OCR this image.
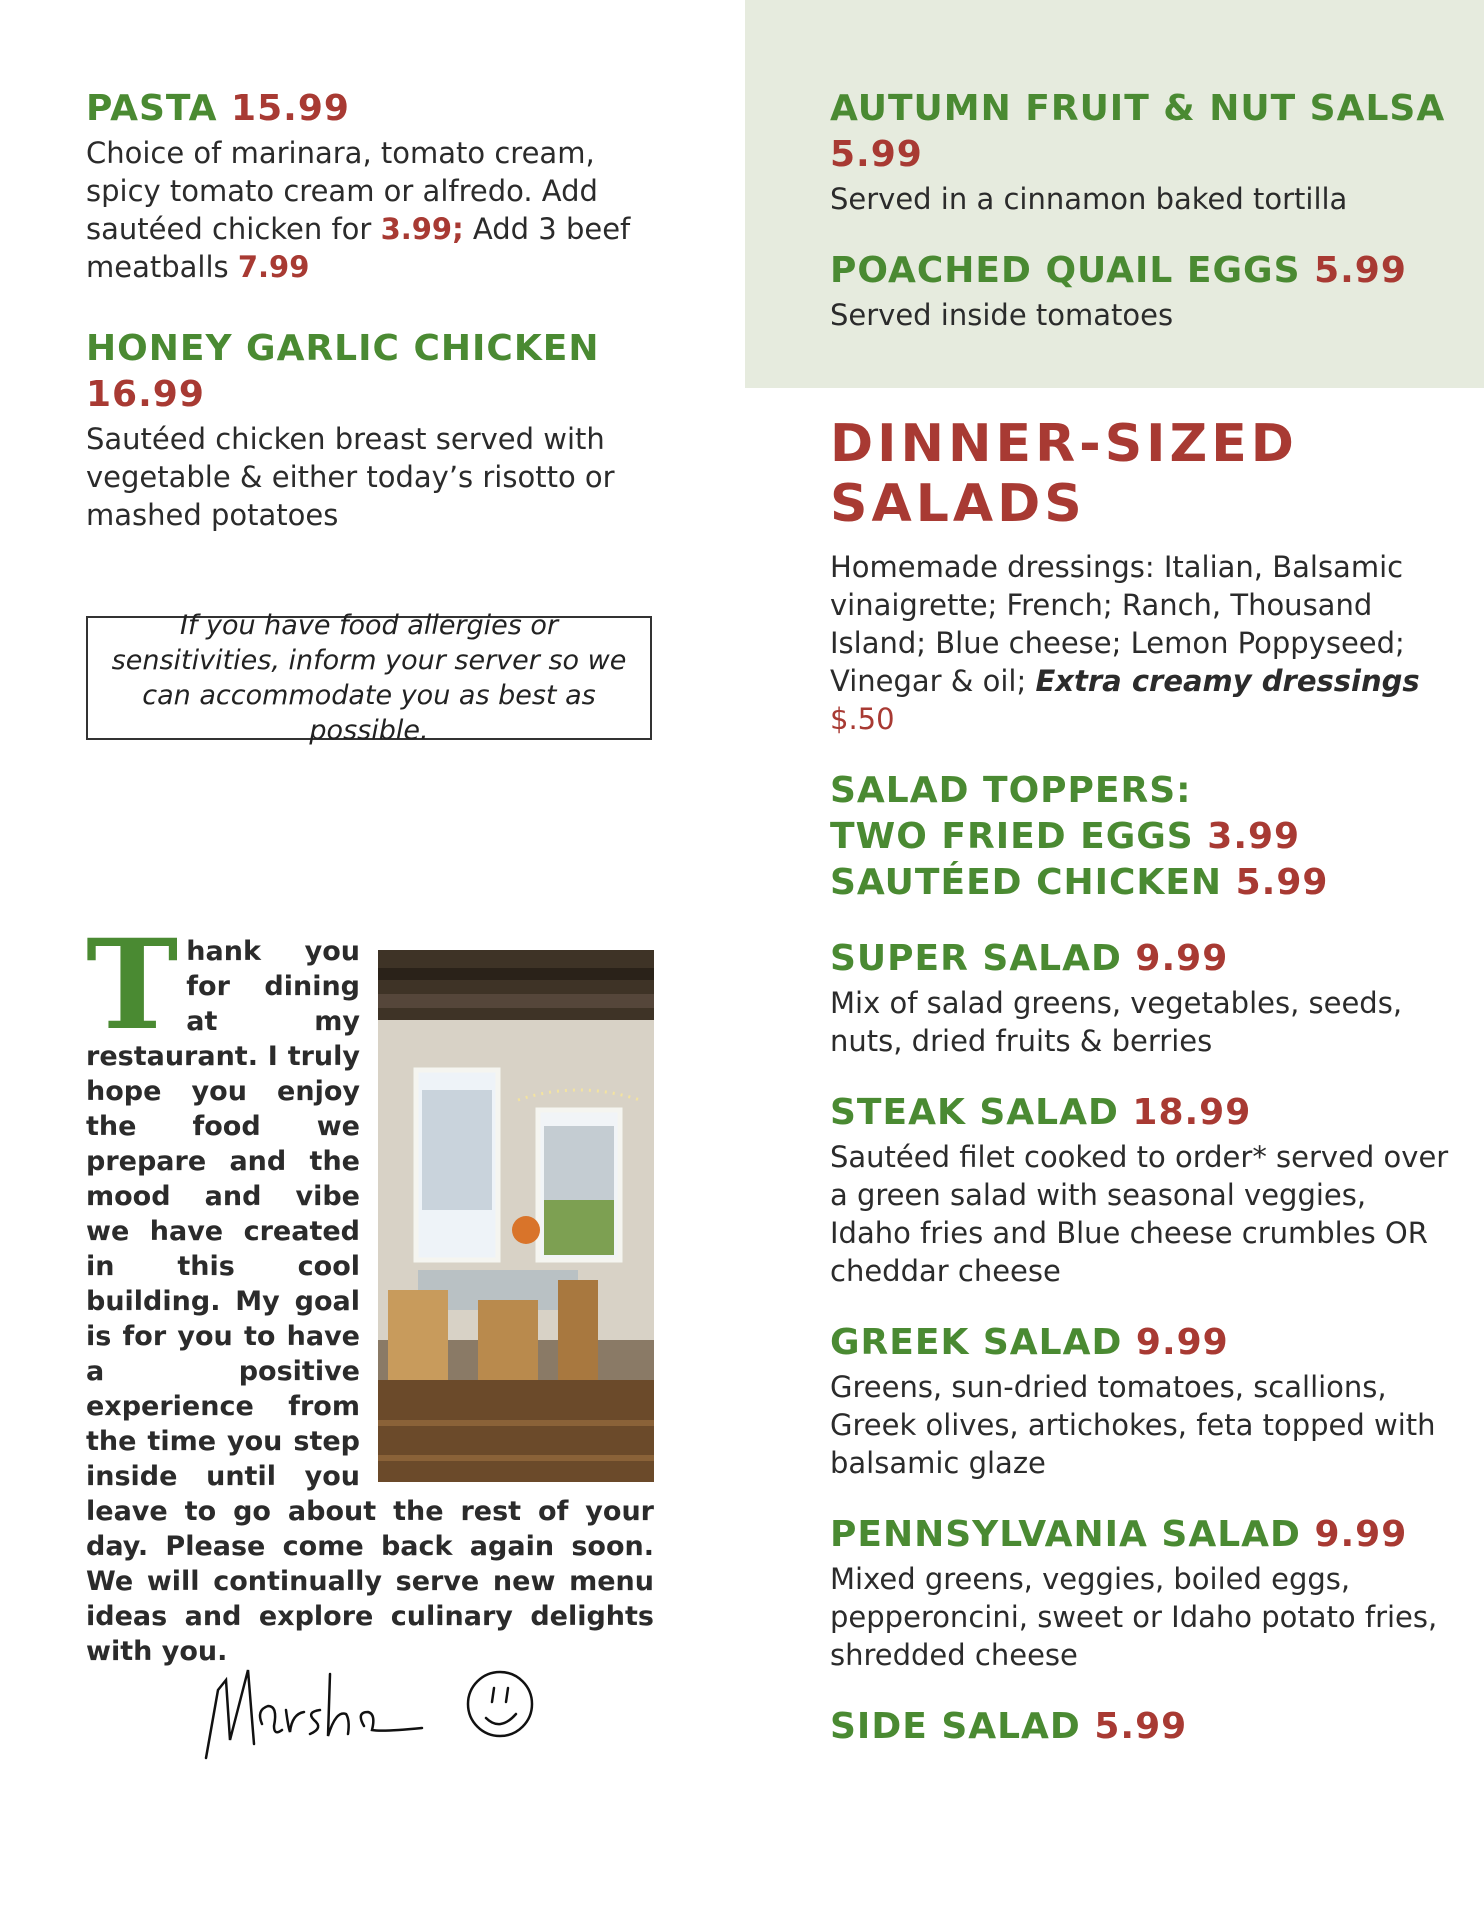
PASTA 15.99

Choice of marinara, tomato cream, spicy tomato cream or alfredo. Add sautéed chicken for 3.99; Add 3 beef meatballs 7.99

HONEY GARLIC CHICKEN
16.99

Sautéed chicken breast served with vegetable & either today’s risotto or mashed potatoes

If you have food allergies or sensitivities, inform your server so we can accommodate you as best as possible.
T hank you for dining at my restaurant. I truly hope you enjoy the food we prepare and the mood and vibe we have created in this cool building. My goal is for you to have a positive experience from the time you step inside until you leave to go about the rest of your day. Please come back again soon. We will continually serve new menu ideas and explore culinary delights with you.
AUTUMN FRUIT & NUT SALSA 5.99

Served in a cinnamon baked tortilla

POACHED QUAIL EGGS 5.99

Served inside tomatoes

DINNER-SIZED
SALADS

Homemade dressings: Italian, Balsamic vinaigrette; French; Ranch, Thousand Island; Blue cheese; Lemon Poppyseed; Vinegar & oil; Extra creamy dressings $.50

SALAD TOPPERS:
TWO FRIED EGGS 3.99
SAUTÉED CHICKEN 5.99
SUPER SALAD 9.99

Mix of salad greens, vegetables, seeds, nuts, dried fruits & berries

STEAK SALAD 18.99

Sautéed filet cooked to order* served over a green salad with seasonal veggies, Idaho fries and Blue cheese crumbles OR cheddar cheese

GREEK SALAD 9.99

Greens, sun-dried tomatoes, scallions, Greek olives, artichokes, feta topped with balsamic glaze

PENNSYLVANIA SALAD 9.99

Mixed greens, veggies, boiled eggs, pepperoncini, sweet or Idaho potato fries, shredded cheese

SIDE SALAD 5.99
